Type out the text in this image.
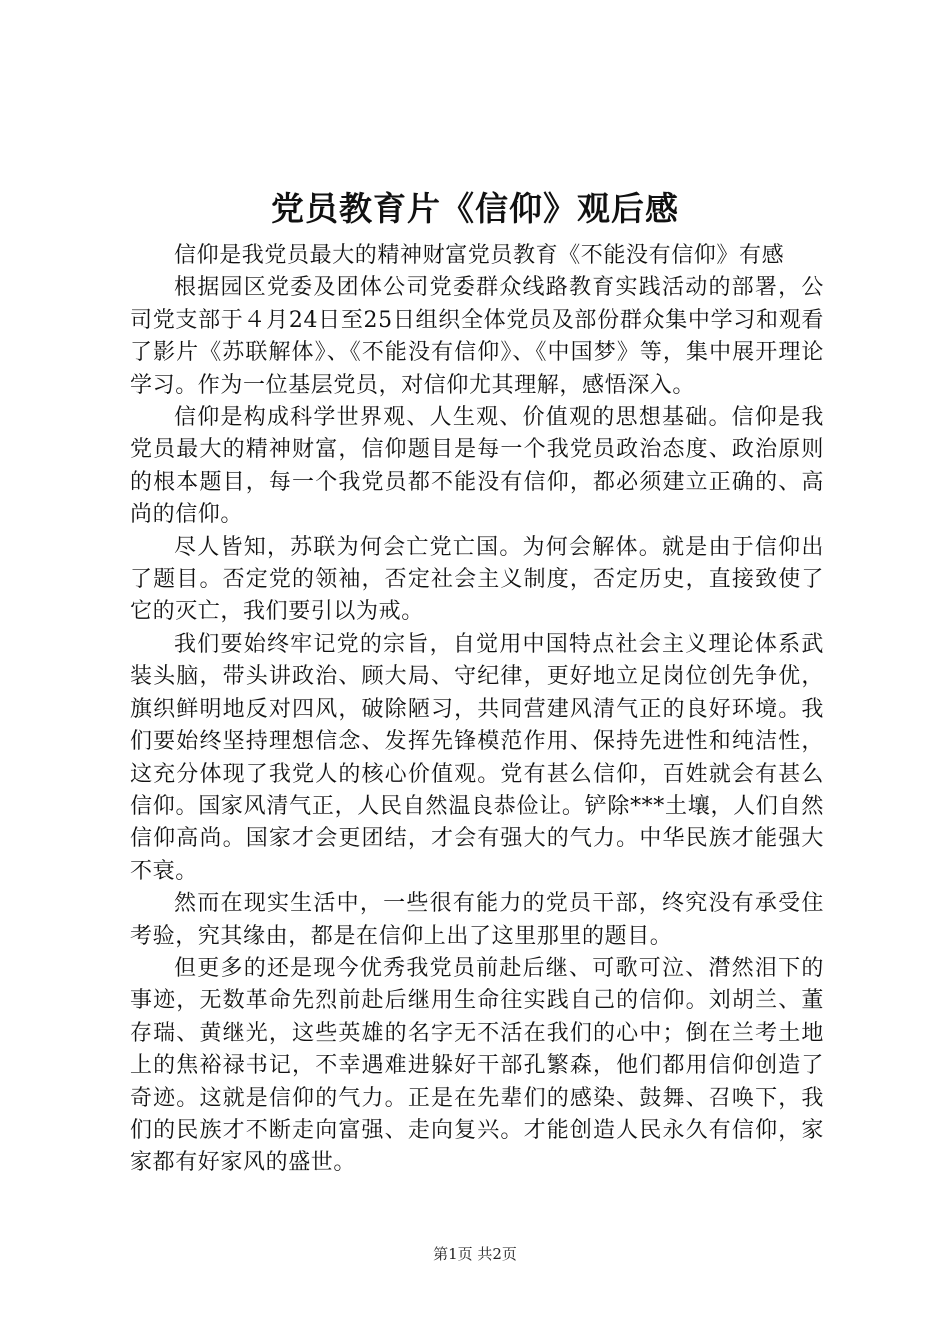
党员教育片《信仰》观后感

信仰是我党员最大的精神财富党员教育《不能没有信仰》有感

根据园区党委及团体公司党委群众线路教育实践活动的部署，公司党支部于４月24日至25日组织全体党员及部份群众集中学习和观看了影片《苏联解体》、《不能没有信仰》、《中国梦》等，集中展开理论学习。作为一位基层党员，对信仰尤其理解，感悟深入。

信仰是构成科学世界观、人生观、价值观的思想基础。信仰是我党员最大的精神财富，信仰题目是每一个我党员政治态度、政治原则的根本题目，每一个我党员都不能没有信仰，都必须建立正确的、高尚的信仰。

尽人皆知，苏联为何会亡党亡国。为何会解体。就是由于信仰出了题目。否定党的领袖，否定社会主义制度，否定历史，直接致使了它的灭亡，我们要引以为戒。

我们要始终牢记党的宗旨，自觉用中国特点社会主义理论体系武装头脑，带头讲政治、顾大局、守纪律，更好地立足岗位创先争优，旗织鲜明地反对四风，破除陋习，共同营建风清气正的良好环境。我们要始终坚持理想信念、发挥先锋模范作用、保持先进性和纯洁性，这充分体现了我党人的核心价值观。党有甚么信仰，百姓就会有甚么信仰。国家风清气正，人民自然温良恭俭让。铲除***土壤，人们自然信仰高尚。国家才会更团结，才会有强大的气力。中华民族才能强大不衰。

然而在现实生活中，一些很有能力的党员干部，终究没有承受住考验，究其缘由，都是在信仰上出了这里那里的题目。

但更多的还是现今优秀我党员前赴后继、可歌可泣、潸然泪下的事迹，无数革命先烈前赴后继用生命往实践自己的信仰。刘胡兰、董存瑞、黄继光，这些英雄的名字无不活在我们的心中；倒在兰考土地上的焦裕禄书记，不幸遇难进躲好干部孔繁森，他们都用信仰创造了奇迹。这就是信仰的气力。正是在先辈们的感染、鼓舞、召唤下，我们的民族才不断走向富强、走向复兴。才能创造人民永久有信仰，家家都有好家风的盛世。

第1页 共2页
